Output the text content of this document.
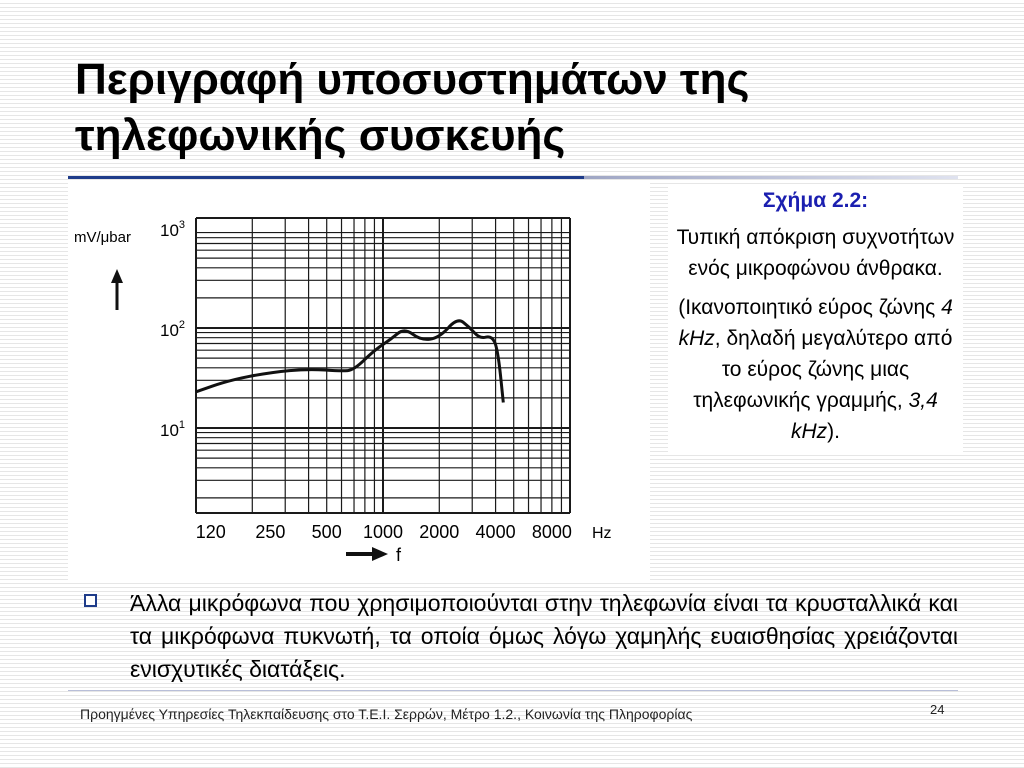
Περιγραφή υποσυστημάτων της
τηλεφωνικής συσκευής
$10^3$
$10^2$
$10^1$
120 250 500 1000 2000 4000 8000
mV/μbar
f
Hz
Σχήμα 2.2:

Τυπική απόκριση συχνοτήτων ενός μικροφώνου άνθρακα.

(Ικανοποιητικό εύρος ζώνης 4 kHz, δηλαδή μεγαλύτερο από το εύρος ζώνης μιας τηλεφωνικής γραμμής, 3,4 kHz).

Άλλα μικρόφωνα που χρησιμοποιούνται στην τηλεφωνία είναι τα κρυσταλλικά και τα μικρόφωνα πυκνωτή, τα οποία όμως λόγω χαμηλής ευαισθησίας χρειάζονται ενισχυτικές διατάξεις.
Προηγμένες Υπηρεσίες Τηλεκπαίδευσης στο Τ.Ε.Ι. Σερρών, Μέτρο 1.2., Κοινωνία της Πληροφορίας	24
